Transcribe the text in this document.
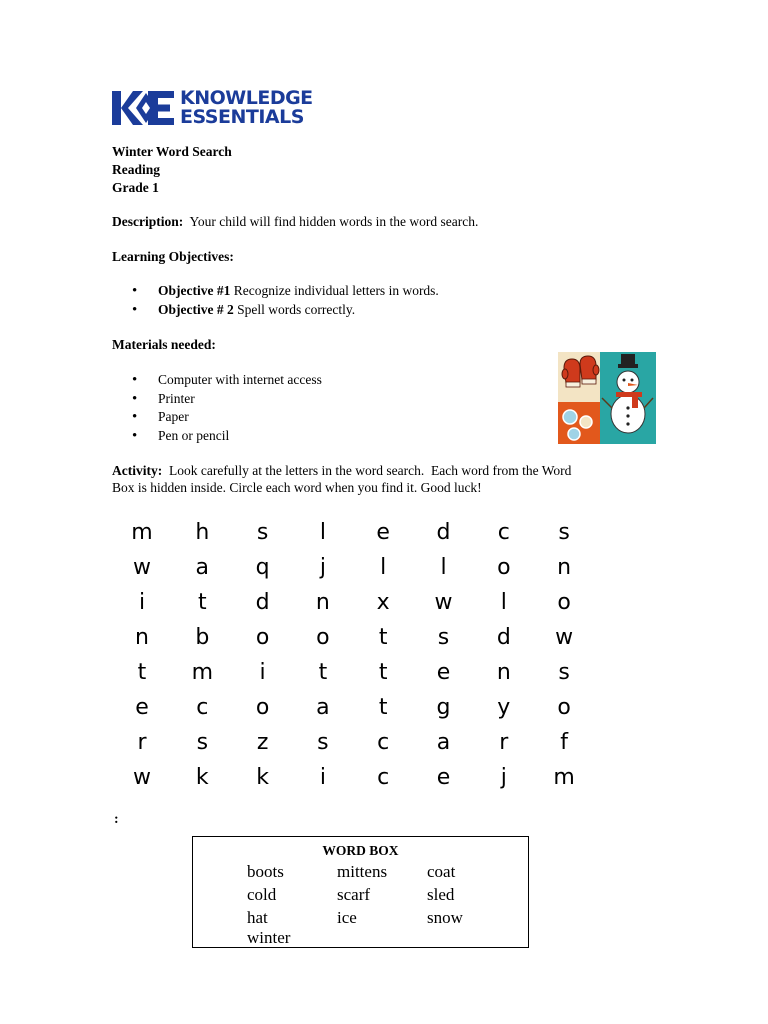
KNOWLEDGE
ESSENTIALS
Winter Word Search
Reading
Grade 1
Description:  Your child will find hidden words in the word search.
Learning Objectives:
• Objective #1 Recognize individual letters in words.
• Objective # 2 Spell words correctly.
Materials needed:
• Computer with internet access
• Printer
• Paper
• Pen or pencil
Activity:  Look carefully at the letters in the word search.  Each word from the Word
Box is hidden inside. Circle each word when you find it. Good luck!
m	h	s	l	e	d	c	s
w	a	q	j	l	l	o	n
i	t	d	n	x	w	l	o
n	b	o	o	t	s	d	w
t	m	i	t	t	e	n	s
e	c	o	a	t	g	y	o
r	s	z	s	c	a	r	f
w	k	k	i	c	e	j	m
:
WORD BOX
boots	mittens coat
cold	scarf	sled
hat	ice	snow
winter
